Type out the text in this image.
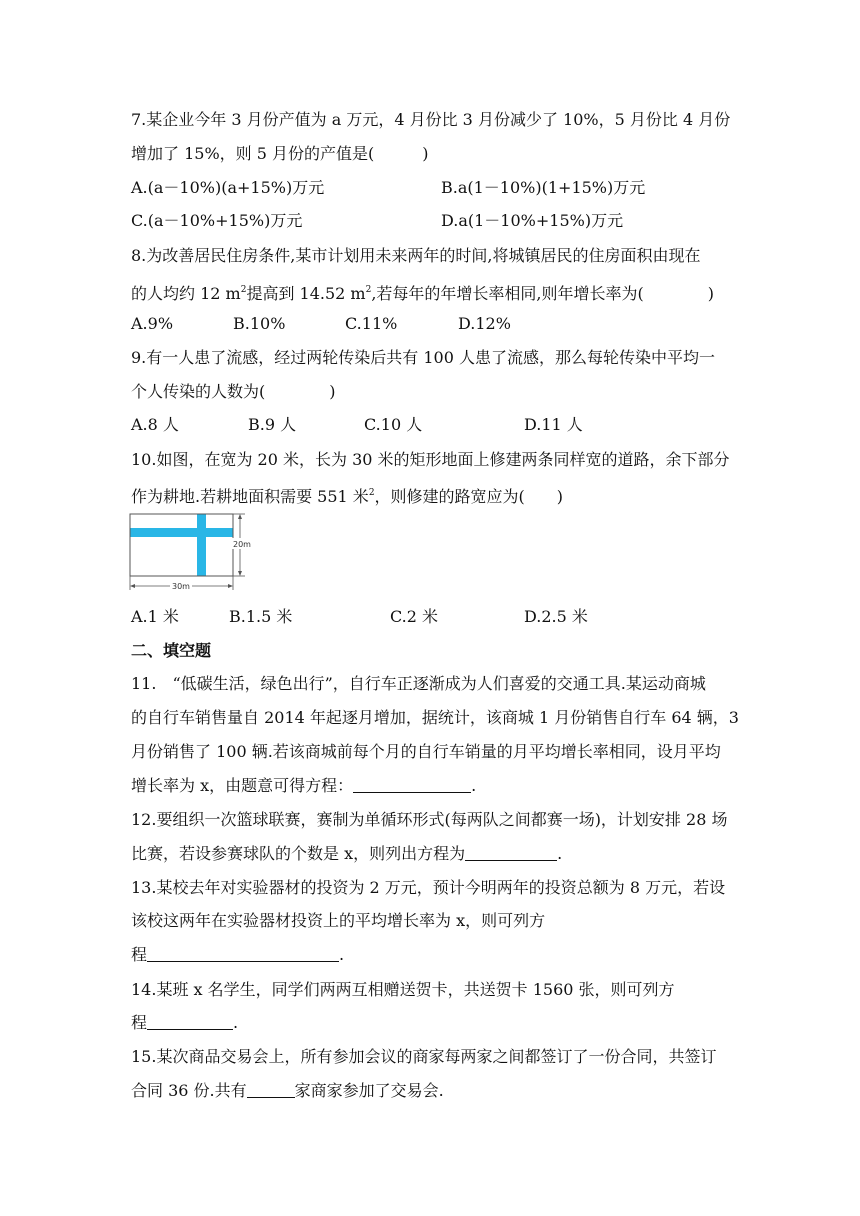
7.某企业今年 3 月份产值为 a 万元，4 月份比 3 月份减少了 10%，5 月份比 4 月份
增加了 15%，则 5 月份的产值是(　　　)
A.(a－10%)(a+15%)万元	B.a(1－10%)(1+15%)万元
C.(a－10%+15%)万元	D.a(1－10%+15%)万元
8.为改善居民住房条件,某市计划用未来两年的时间,将城镇居民的住房面积由现在
的人均约 12 $m^2$提高到 14.52 $m^2$,若每年的年增长率相同,则年增长率为(　　　　)
A.9%	B.10%	C.11%	D.12%
9.有一人患了流感，经过两轮传染后共有 100 人患了流感，那么每轮传染中平均一
个人传染的人数为(　　　　)
A.8 人	B.9 人	C.10 人	D.11 人
10.如图，在宽为 20 米，长为 30 米的矩形地面上修建两条同样宽的道路，余下部分
作为耕地.若耕地面积需要 551 米$^2$，则修建的路宽应为(　　)
20m
30m
A.1 米	B.1.5 米	C.2 米	D.2.5 米
二、填空题
11.　“低碳生活，绿色出行”，自行车正逐渐成为人们喜爱的交通工具.某运动商城
的自行车销售量自 2014 年起逐月增加，据统计，该商城 1 月份销售自行车 64 辆，3
月份销售了 100 辆.若该商城前每个月的自行车销量的月平均增长率相同，设月平均
增长率为 x，由题意可得方程：	.
12.要组织一次篮球联赛，赛制为单循环形式(每两队之间都赛一场)，计划安排 28 场
比赛，若设参赛球队的个数是 x，则列出方程为	.
13.某校去年对实验器材的投资为 2 万元，预计今明两年的投资总额为 8 万元，若设
该校这两年在实验器材投资上的平均增长率为 x，则可列方
程	.
14.某班 x 名学生，同学们两两互相赠送贺卡，共送贺卡 1560 张，则可列方
程	.
15.某次商品交易会上，所有参加会议的商家每两家之间都签订了一份合同，共签订
合同 36 份.共有	家商家参加了交易会.
